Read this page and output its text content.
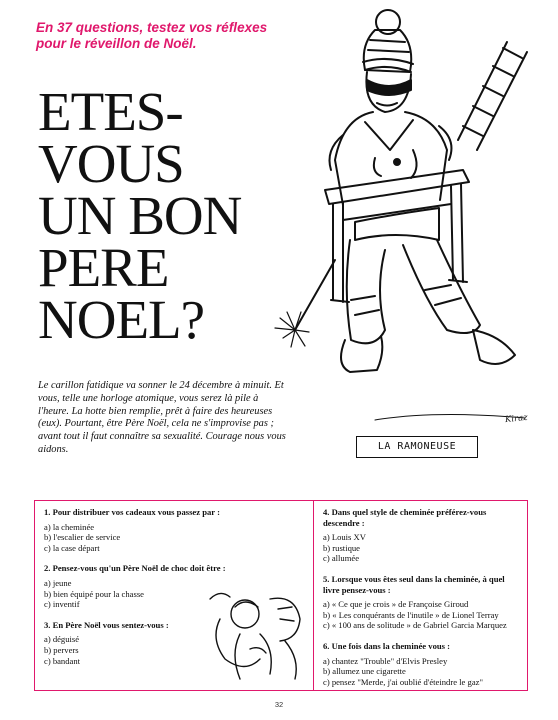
En 37 questions, testez vos réflexes
pour le réveillon de Noël.
ETES-
VOUS
UN BON
PERE
NOEL?
LA RAMONEUSE
Kiraz
Le carillon fatidique va sonner le 24 décembre à minuit. Et vous, telle une horloge atomique, vous serez là pile à l'heure. La hotte bien remplie, prêt à faire des heureuses (eux). Pourtant, être Père Noël, cela ne s'improvise pas ; avant tout il faut connaître sa sexualité. Courage nous vous aidons.
1. Pour distribuer vos cadeaux vous passez par :
a) la cheminée
b) l'escalier de service
c) la case départ
2. Pensez-vous qu'un Père Noël de choc doit être :
a) jeune
b) bien équipé pour la chasse
c) inventif
3. En Père Noël vous sentez-vous :
a) déguisé
b) pervers
c) bandant
4. Dans quel style de cheminée préférez-vous descendre :
a) Louis XV
b) rustique
c) allumée
5. Lorsque vous êtes seul dans la cheminée, à quel livre pensez-vous :
a) « Ce que je crois » de Françoise Giroud
b) « Les conquérants de l'inutile » de Lionel Terray
c) « 100 ans de solitude » de Gabriel Garcia Marquez
6. Une fois dans la cheminée vous :
a) chantez "Trouble" d'Elvis Presley
b) allumez une cigarette
c) pensez "Merde, j'ai oublié d'éteindre le gaz"
32
